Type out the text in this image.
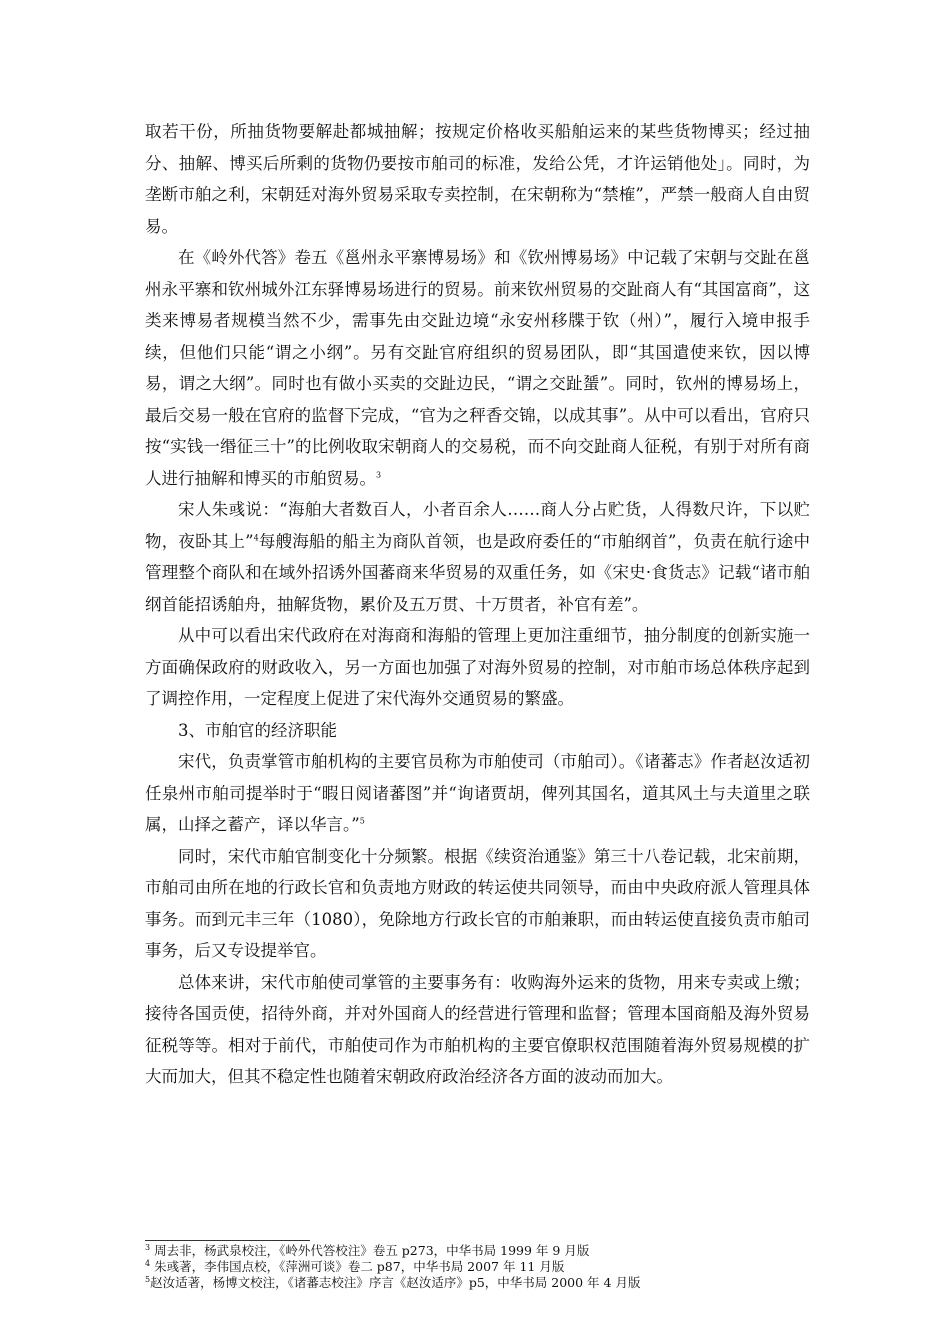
取若干份，所抽货物要解赴都城抽解；按规定价格收买船舶运来的某些货物博买；经过抽分、抽解、博买后所剩的货物仍要按市舶司的标准，发给公凭，才许运销他处」。同时，为垄断市舶之利，宋朝廷对海外贸易采取专卖控制，在宋朝称为“禁榷”，严禁一般商人自由贸易。

在《岭外代答》卷五《邕州永平寨博易场》和《钦州博易场》中记载了宋朝与交趾在邕州永平寨和钦州城外江东驿博易场进行的贸易。前来钦州贸易的交趾商人有“其国富商”，这类来博易者规模当然不少，需事先由交趾边境“永安州移牒于钦（州）”，履行入境申报手续，但他们只能“谓之小纲”。另有交趾官府组织的贸易团队，即“其国遣使来钦，因以博易，谓之大纲”。同时也有做小买卖的交趾边民，“谓之交趾蜑”。同时，钦州的博易场上，最后交易一般在官府的监督下完成，“官为之秤香交锦，以成其事”。从中可以看出，官府只按“实钱一缗征三十”的比例收取宋朝商人的交易税，而不向交趾商人征税，有别于对所有商人进行抽解和博买的市舶贸易。$^3$

宋人朱彧说：“海舶大者数百人，小者百余人……商人分占贮货，人得数尺许，下以贮物，夜卧其上”$^4$每艘海船的船主为商队首领，也是政府委任的“市舶纲首”，负责在航行途中管理整个商队和在域外招诱外国蕃商来华贸易的双重任务，如《宋史·食货志》记载“诸市舶纲首能招诱舶舟，抽解货物，累价及五万贯、十万贯者，补官有差”。

从中可以看出宋代政府在对海商和海船的管理上更加注重细节，抽分制度的创新实施一方面确保政府的财政收入，另一方面也加强了对海外贸易的控制，对市舶市场总体秩序起到了调控作用，一定程度上促进了宋代海外交通贸易的繁盛。

3、市舶官的经济职能

宋代，负责掌管市舶机构的主要官员称为市舶使司（市舶司）。《诸蕃志》作者赵汝适初任泉州市舶司提举时于“暇日阅诸蕃图”并“询诸贾胡，俾列其国名，道其风土与夫道里之联属，山择之蓄产，译以华言。”$^5$

同时，宋代市舶官制变化十分频繁。根据《续资治通鉴》第三十八卷记载，北宋前期，市舶司由所在地的行政长官和负责地方财政的转运使共同领导，而由中央政府派人管理具体事务。而到元丰三年（1080），免除地方行政长官的市舶兼职，而由转运使直接负责市舶司事务，后又专设提举官。

总体来讲，宋代市舶使司掌管的主要事务有：收购海外运来的货物，用来专卖或上缴；接待各国贡使，招待外商，并对外国商人的经营进行管理和监督；管理本国商船及海外贸易征税等等。相对于前代，市舶使司作为市舶机构的主要官僚职权范围随着海外贸易规模的扩大而加大，但其不稳定性也随着宋朝政府政治经济各方面的波动而加大。

$^3$ 周去非，杨武泉校注，《岭外代答校注》卷五 p273，中华书局 1999 年 9 月版

$^4$ 朱彧著，李伟国点校，《萍洲可谈》卷二 p87，中华书局 2007 年 11 月版

$^5$赵汝适著，杨博文校注，《诸蕃志校注》序言《赵汝适序》p5，中华书局 2000 年 4 月版
